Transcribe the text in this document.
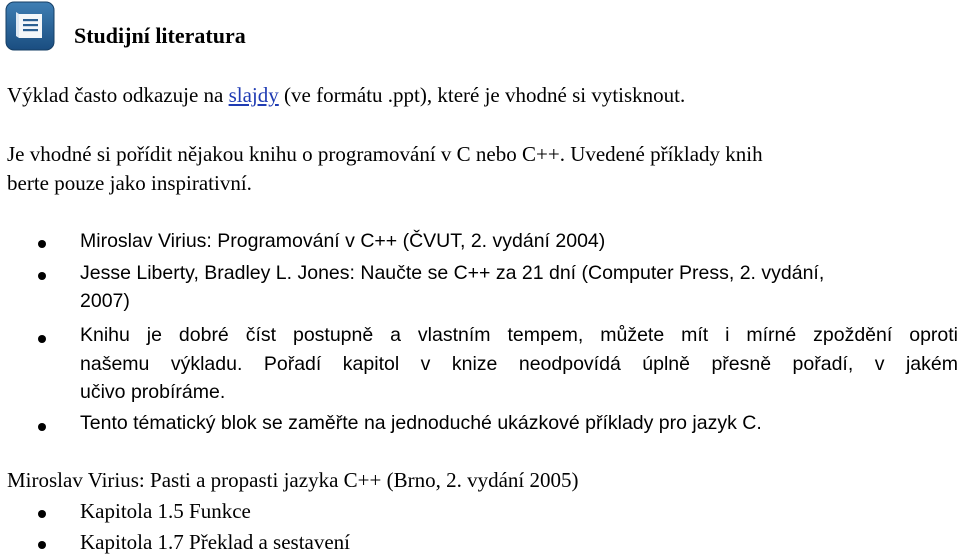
Studijní literatura
Výklad často odkazuje na slajdy (ve formátu .ppt), které je vhodné si vytisknout.
Je vhodné si pořídit nějakou knihu o programování v C nebo C++. Uvedené příklady knih
berte pouze jako inspirativní.
Miroslav Virius: Programování v C++ (ČVUT, 2. vydání 2004)
Jesse Liberty, Bradley L. Jones: Naučte se C++ za 21 dní (Computer Press, 2. vydání,
2007)
Knihu je dobré číst postupně a vlastním tempem, můžete mít i mírné zpoždění oproti
našemu výkladu. Pořadí kapitol v knize neodpovídá úplně přesně pořadí, v jakém
učivo probíráme.
Tento tématický blok se zaměřte na jednoduché ukázkové příklady pro jazyk C.
Miroslav Virius: Pasti a propasti jazyka C++ (Brno, 2. vydání 2005)
Kapitola 1.5 Funkce
Kapitola 1.7 Překlad a sestavení
